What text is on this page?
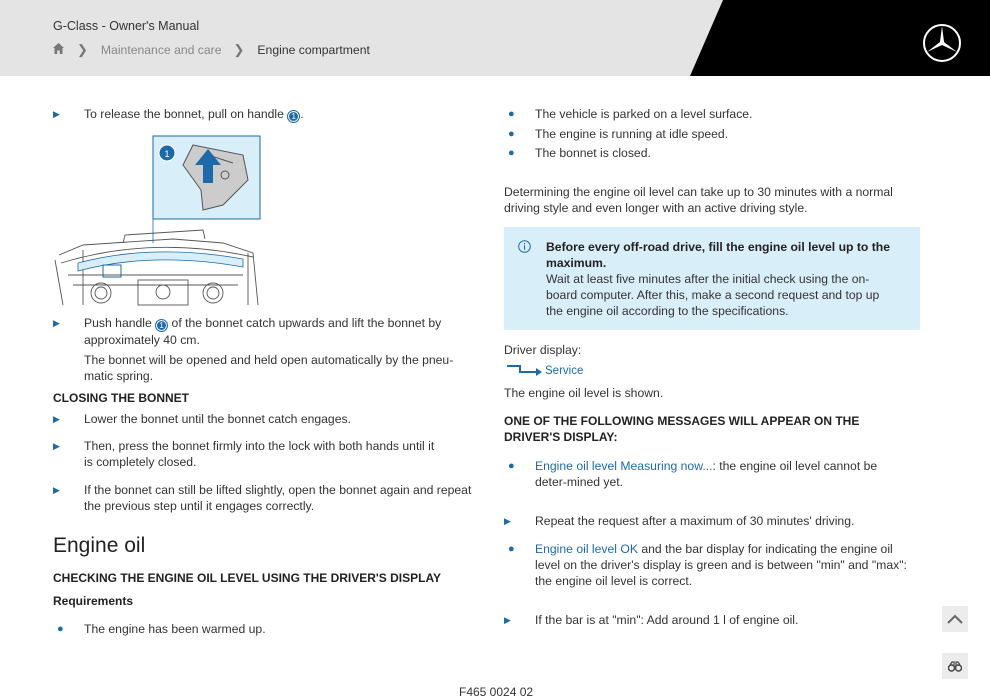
G-Class - Owner's Manual
❯ Maintenance and care ❯ Engine compartment
▶ To release the bonnet, pull on handle 1 .
1
▶ Push handle 1 of the bonnet catch upwards and lift the bonnet by approximately 40 cm.
The bonnet will be opened and held open automatically by the pneu-matic spring.
CLOSING THE BONNET
▶ Lower the bonnet until the bonnet catch engages.
▶ Then, press the bonnet firmly into the lock with both hands until it is completely closed.
▶ If the bonnet can still be lifted slightly, open the bonnet again and repeat the previous step until it engages correctly.
Engine oil
CHECKING THE ENGINE OIL LEVEL USING THE DRIVER'S DISPLAY
Requirements
● The engine has been warmed up.
● The vehicle is parked on a level surface.
● The engine is running at idle speed.
● The bonnet is closed.
Determining the engine oil level can take up to 30 minutes with a normal driving style and even longer with an active driving style.
Before every off-road drive, fill the engine oil level up to the maximum.
Wait at least five minutes after the initial check using the on-board computer. After this, make a second request and top up the engine oil according to the specifications.
Driver display:
Service
The engine oil level is shown.
ONE OF THE FOLLOWING MESSAGES WILL APPEAR ON THE DRIVER'S DISPLAY:
● Engine oil level Measuring now...: the engine oil level cannot be deter-mined yet.
▶ Repeat the request after a maximum of 30 minutes' driving.
● Engine oil level OK and the bar display for indicating the engine oil level on the driver's display is green and is between "min" and "max": the engine oil level is correct.
▶ If the bar is at "min": Add around 1 l of engine oil.
F465 0024 02
